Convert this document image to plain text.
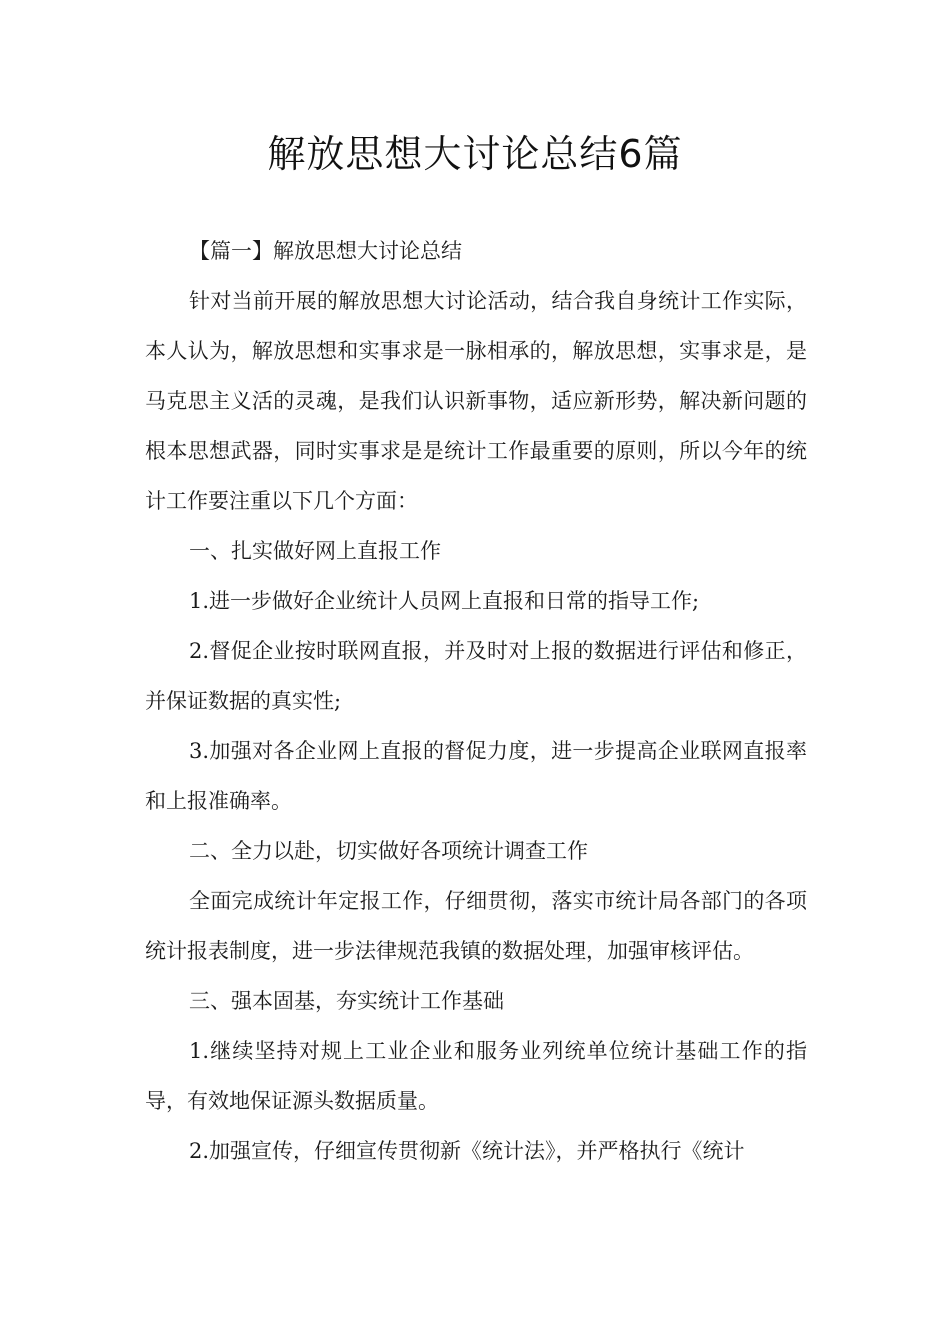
解放思想大讨论总结6篇

【篇一】解放思想大讨论总结

针对当前开展的解放思想大讨论活动，结合我自身统计工作实际，本人认为，解放思想和实事求是一脉相承的，解放思想，实事求是，是马克思主义活的灵魂，是我们认识新事物，适应新形势，解决新问题的根本思想武器，同时实事求是是统计工作最重要的原则，所以今年的统计工作要注重以下几个方面：

一、扎实做好网上直报工作

1.进一步做好企业统计人员网上直报和日常的指导工作;

2.督促企业按时联网直报，并及时对上报的数据进行评估和修正，并保证数据的真实性;

3.加强对各企业网上直报的督促力度，进一步提高企业联网直报率和上报准确率。

二、全力以赴，切实做好各项统计调查工作

全面完成统计年定报工作，仔细贯彻，落实市统计局各部门的各项统计报表制度，进一步法律规范我镇的数据处理，加强审核评估。

三、强本固基，夯实统计工作基础

1.继续坚持对规上工业企业和服务业列统单位统计基础工作的指导，有效地保证源头数据质量。

2.加强宣传，仔细宣传贯彻新《统计法》，并严格执行《统计
